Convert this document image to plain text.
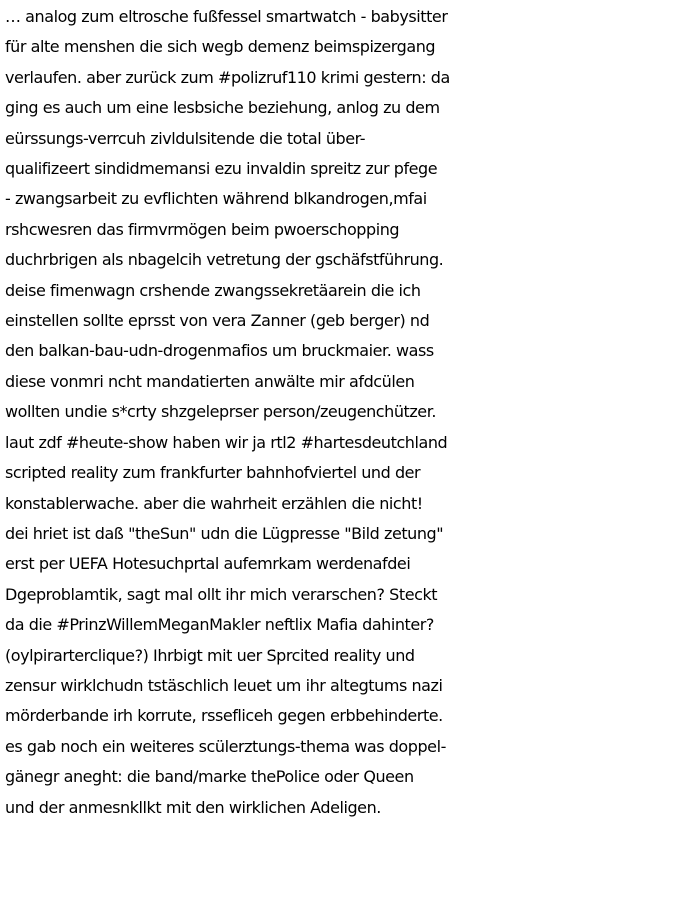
… analog zum eltrosche fußfessel smartwatch - babysitter
für alte menshen die sich wegb demenz beimspizergang
verlaufen. aber zurück zum #polizruf110 krimi gestern: da
ging es auch um eine lesbsiche beziehung, anlog zu dem
eürssungs-verrcuh zivldulsitende die total über-
qualifizeert sindidmemansi ezu invaldin spreitz zur pfege
- zwangsarbeit zu evflichten während blkandrogen,mfai
rshcwesren das firmvrmögen beim pwoerschopping
duchrbrigen als nbagelcih vetretung der gschäfstführung.
deise fimenwagn crshende zwangssekretäarein die ich
einstellen sollte eprsst von vera Zanner (geb berger) nd
den balkan-bau-udn-drogenmafios um bruckmaier. wass
diese vonmri ncht mandatierten anwälte mir afdcülen
wollten undie s*crty shzgeleprser person/zeugenchützer.
laut zdf #heute-show haben wir ja rtl2 #hartesdeutchland
scripted reality zum frankfurter bahnhofviertel und der
konstablerwache. aber die wahrheit erzählen die nicht!
dei hriet ist daß "theSun" udn die Lügpresse "Bild zetung"
erst per UEFA Hotesuchprtal aufemrkam werdenafdei
Dgeproblamtik, sagt mal ollt ihr mich verarschen? Steckt
da die #PrinzWillemMeganMakler neftlix Mafia dahinter?
(oylpirarterclique?) Ihrbigt mit uer Sprcited reality und
zensur wirklchudn tstäschlich leuet um ihr altegtums nazi
mörderbande irh korrute, rssefliceh gegen erbbehinderte.
es gab noch ein weiteres scülerztungs-thema was doppel-
gänegr aneght: die band/marke thePolice oder Queen
und der anmesnkllkt mit den wirklichen Adeligen.
